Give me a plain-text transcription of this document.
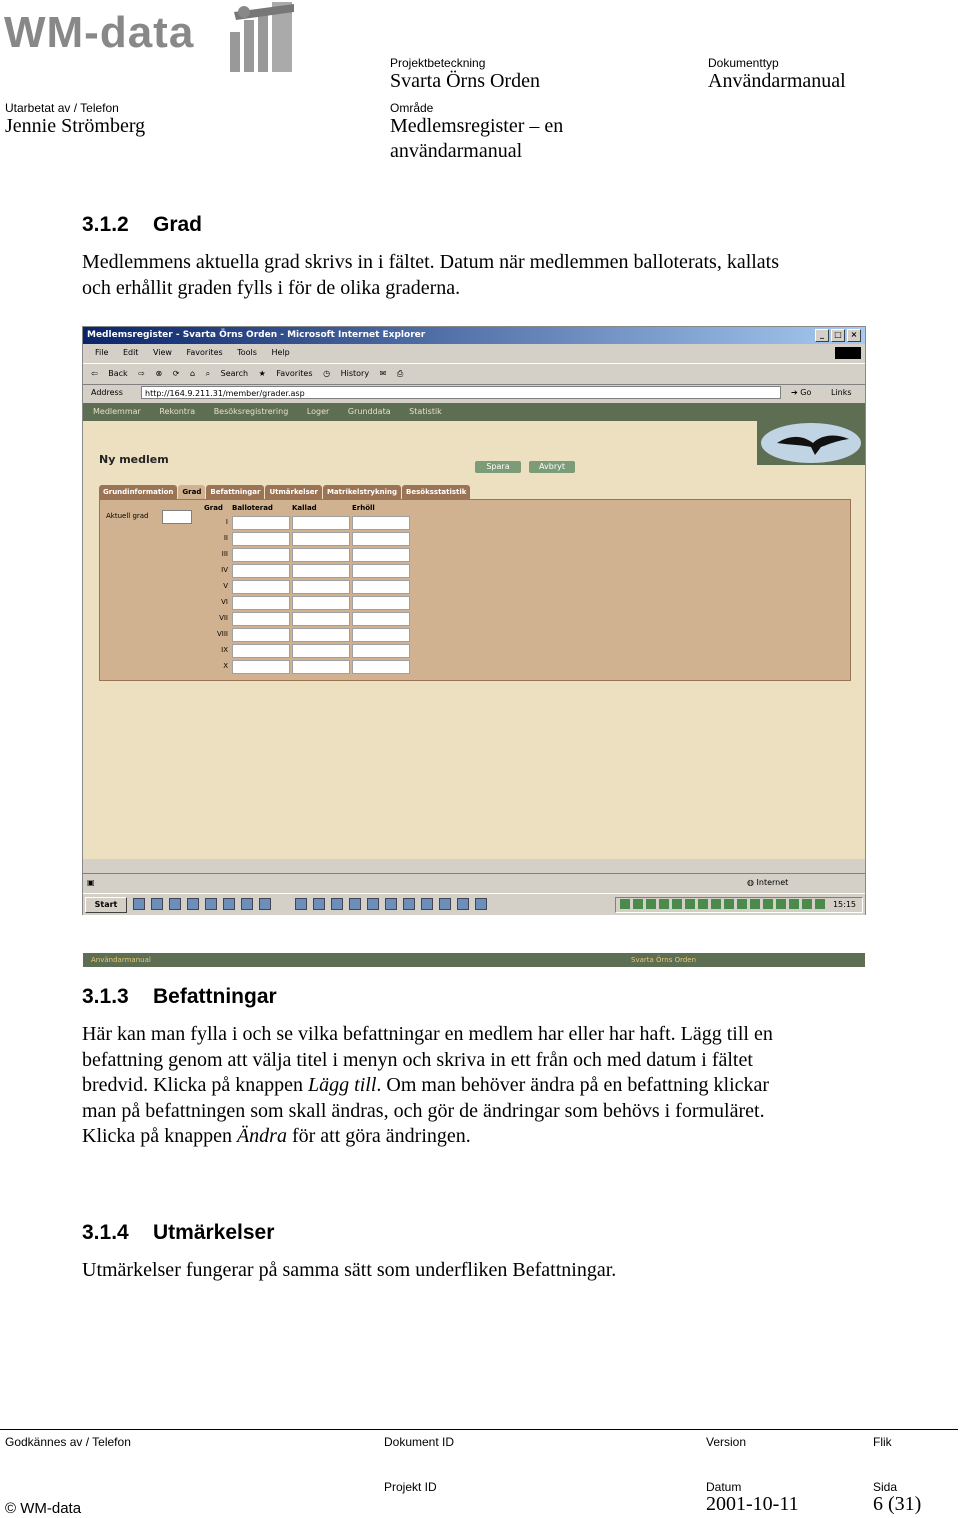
WM-data
Projektbeteckning
Svarta Örns Orden
Dokumenttyp
Användarmanual
Utarbetat av / Telefon
Jennie Strömberg
Område
Medlemsregister – en
användarmanual
3.1.2 Grad
Medlemmens aktuella grad skrivs in i fältet. Datum när medlemmen balloterats, kallats
och erhållit graden fylls i för de olika graderna.
Medlemsregister - Svarta Örns Orden - Microsoft Internet Explorer	_	□	×
File Edit View Favorites Tools Help
⇦ Back ⇨ ⊗ ⟳ ⌂ ⌕ Search ★ Favorites ◷ History ✉ ⎙
Address	http://164.9.211.31/member/grader.asp	➔ Go Links
Medlemmar Rekontra Besöksregistrering Loger Grunddata Statistik
Ny medlem
Spara	Avbryt
Grundinformation	Grad	Befattningar	Utmärkelser	Matrikelstrykning	Besöksstatistik
Aktuell grad
Grad Balloterad	Kallad	Erhöll
I
II
III
IV
V
VI
VII
VIII
IX
X
Användarmanual	Svarta Örns Orden
▣	◍ Internet
Start	15:15
3.1.3 Befattningar
Här kan man fylla i och se vilka befattningar en medlem har eller har haft. Lägg till en
befattning genom att välja titel i menyn och skriva in ett från och med datum i fältet
bredvid. Klicka på knappen Lägg till. Om man behöver ändra på en befattning klickar
man på befattningen som skall ändras, och gör de ändringar som behövs i formuläret.
Klicka på knappen Ändra för att göra ändringen.
3.1.4 Utmärkelser
Utmärkelser fungerar på samma sätt som underfliken Befattningar.
Godkännes av / Telefon	Dokument ID	Version	Flik
Projekt ID	Datum	Sida
© WM-data	2001-10-11	6 (31)
